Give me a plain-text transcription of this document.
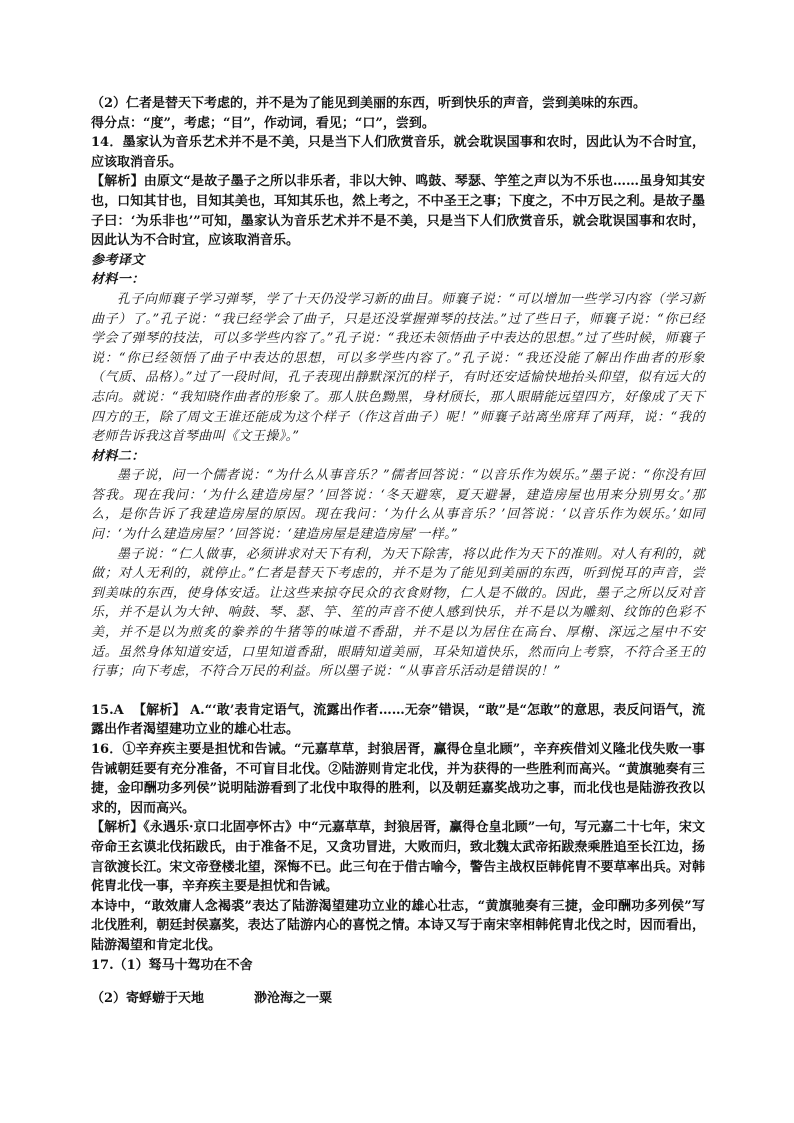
（2）仁者是替天下考虑的，并不是为了能见到美丽的东西，听到快乐的声音，尝到美味的东西。

得分点：“度”，考虑；“目”，作动词，看见；“口”，尝到。

14．墨家认为音乐艺术并不是不美，只是当下人们欣赏音乐，就会耽误国事和农时，因此认为不合时宜，应该取消音乐。

【解析】由原文“是故子墨子之所以非乐者，非以大钟、鸣鼓、琴瑟、竽笙之声以为不乐也……虽身知其安也，口知其甘也，目知其美也，耳知其乐也，然上考之，不中圣王之事；下度之，不中万民之利。是故子墨子曰：‘为乐非也’”可知，墨家认为音乐艺术并不是不美，只是当下人们欣赏音乐，就会耽误国事和农时，因此认为不合时宜，应该取消音乐。

参考译文

材料一：

孔子向师襄子学习弹琴，学了十天仍没学习新的曲目。师襄子说：“可以增加一些学习内容（学习新曲子）了。”孔子说：“我已经学会了曲子，只是还没掌握弹琴的技法。”过了些日子，师襄子说：“你已经学会了弹琴的技法，可以多学些内容了。”孔子说：“我还未领悟曲子中表达的思想。”过了些时候，师襄子说：“你已经领悟了曲子中表达的思想，可以多学些内容了。”孔子说：“我还没能了解出作曲者的形象（气质、品格）。”过了一段时间，孔子表现出静默深沉的样子，有时还安适愉快地抬头仰望，似有远大的志向。就说：“我知晓作曲者的形象了。那人肤色黝黑，身材颀长，那人眼睛能远望四方，好像成了天下四方的王，除了周文王谁还能成为这个样子（作这首曲子）呢！”师襄子站离坐席拜了两拜，说：“我的老师告诉我这首琴曲叫《文王操》。”

材料二：

墨子说，问一个儒者说：“为什么从事音乐？”儒者回答说：“以音乐作为娱乐。”墨子说：“你没有回答我。现在我问：‘为什么建造房屋？’回答说：‘冬天避寒，夏天避暑，建造房屋也用来分别男女。’那么，是你告诉了我建造房屋的原因。现在我问：‘为什么从事音乐？’回答说：‘以音乐作为娱乐。’如同问：‘为什么建造房屋？’回答说：‘建造房屋是建造房屋’一样。”

墨子说：“仁人做事，必须讲求对天下有利，为天下除害，将以此作为天下的准则。对人有利的，就做；对人无利的，就停止。”仁者是替天下考虑的，并不是为了能见到美丽的东西，听到悦耳的声音，尝到美味的东西，使身体安适。让这些来掠夺民众的衣食财物，仁人是不做的。因此，墨子之所以反对音乐，并不是认为大钟、响鼓、琴、瑟、竽、笙的声音不使人感到快乐，并不是以为雕刻、纹饰的色彩不美，并不是以为煎炙的豢养的牛猪等的味道不香甜，并不是以为居住在高台、厚榭、深远之屋中不安适。虽然身体知道安适，口里知道香甜，眼睛知道美丽，耳朵知道快乐，然而向上考察，不符合圣王的行事；向下考虑，不符合万民的利益。所以墨子说：“从事音乐活动是错误的！”

15.A 【解析】 A.“‘敢’表肯定语气，流露出作者……无奈”错误，“敢”是“怎敢”的意思，表反问语气，流露出作者渴望建功立业的雄心壮志。

16．①辛弃疾主要是担忧和告诫。“元嘉草草，封狼居胥，赢得仓皇北顾”，辛弃疾借刘义隆北伐失败一事告诫朝廷要有充分准备，不可盲目北伐。②陆游则肯定北伐，并为获得的一些胜利而高兴。“黄旗驰奏有三捷，金印酬功多列侯”说明陆游看到了北伐中取得的胜利，以及朝廷嘉奖战功之事，而北伐也是陆游孜孜以求的，因而高兴。

【解析】《永遇乐·京口北固亭怀古》中“元嘉草草，封狼居胥，赢得仓皇北顾”一句，写元嘉二十七年，宋文帝命王玄谟北伐拓跋氏，由于准备不足，又贪功冒进，大败而归，致北魏太武帝拓跋焘乘胜追至长江边，扬言欲渡长江。宋文帝登楼北望，深悔不已。此三句在于借古喻今，警告主战权臣韩侂胄不要草率出兵。对韩侂胄北伐一事，辛弃疾主要是担忧和告诫。

本诗中，“敢效庸人念褐裘”表达了陆游渴望建功立业的雄心壮志，“黄旗驰奏有三捷，金印酬功多列侯”写北伐胜利，朝廷封侯嘉奖，表达了陆游内心的喜悦之情。本诗又写于南宋宰相韩侂胄北伐之时，因而看出，陆游渴望和肯定北伐。

17.（1）驽马十驾功在不舍

（2）寄蜉蝣于天地	渺沧海之一粟
